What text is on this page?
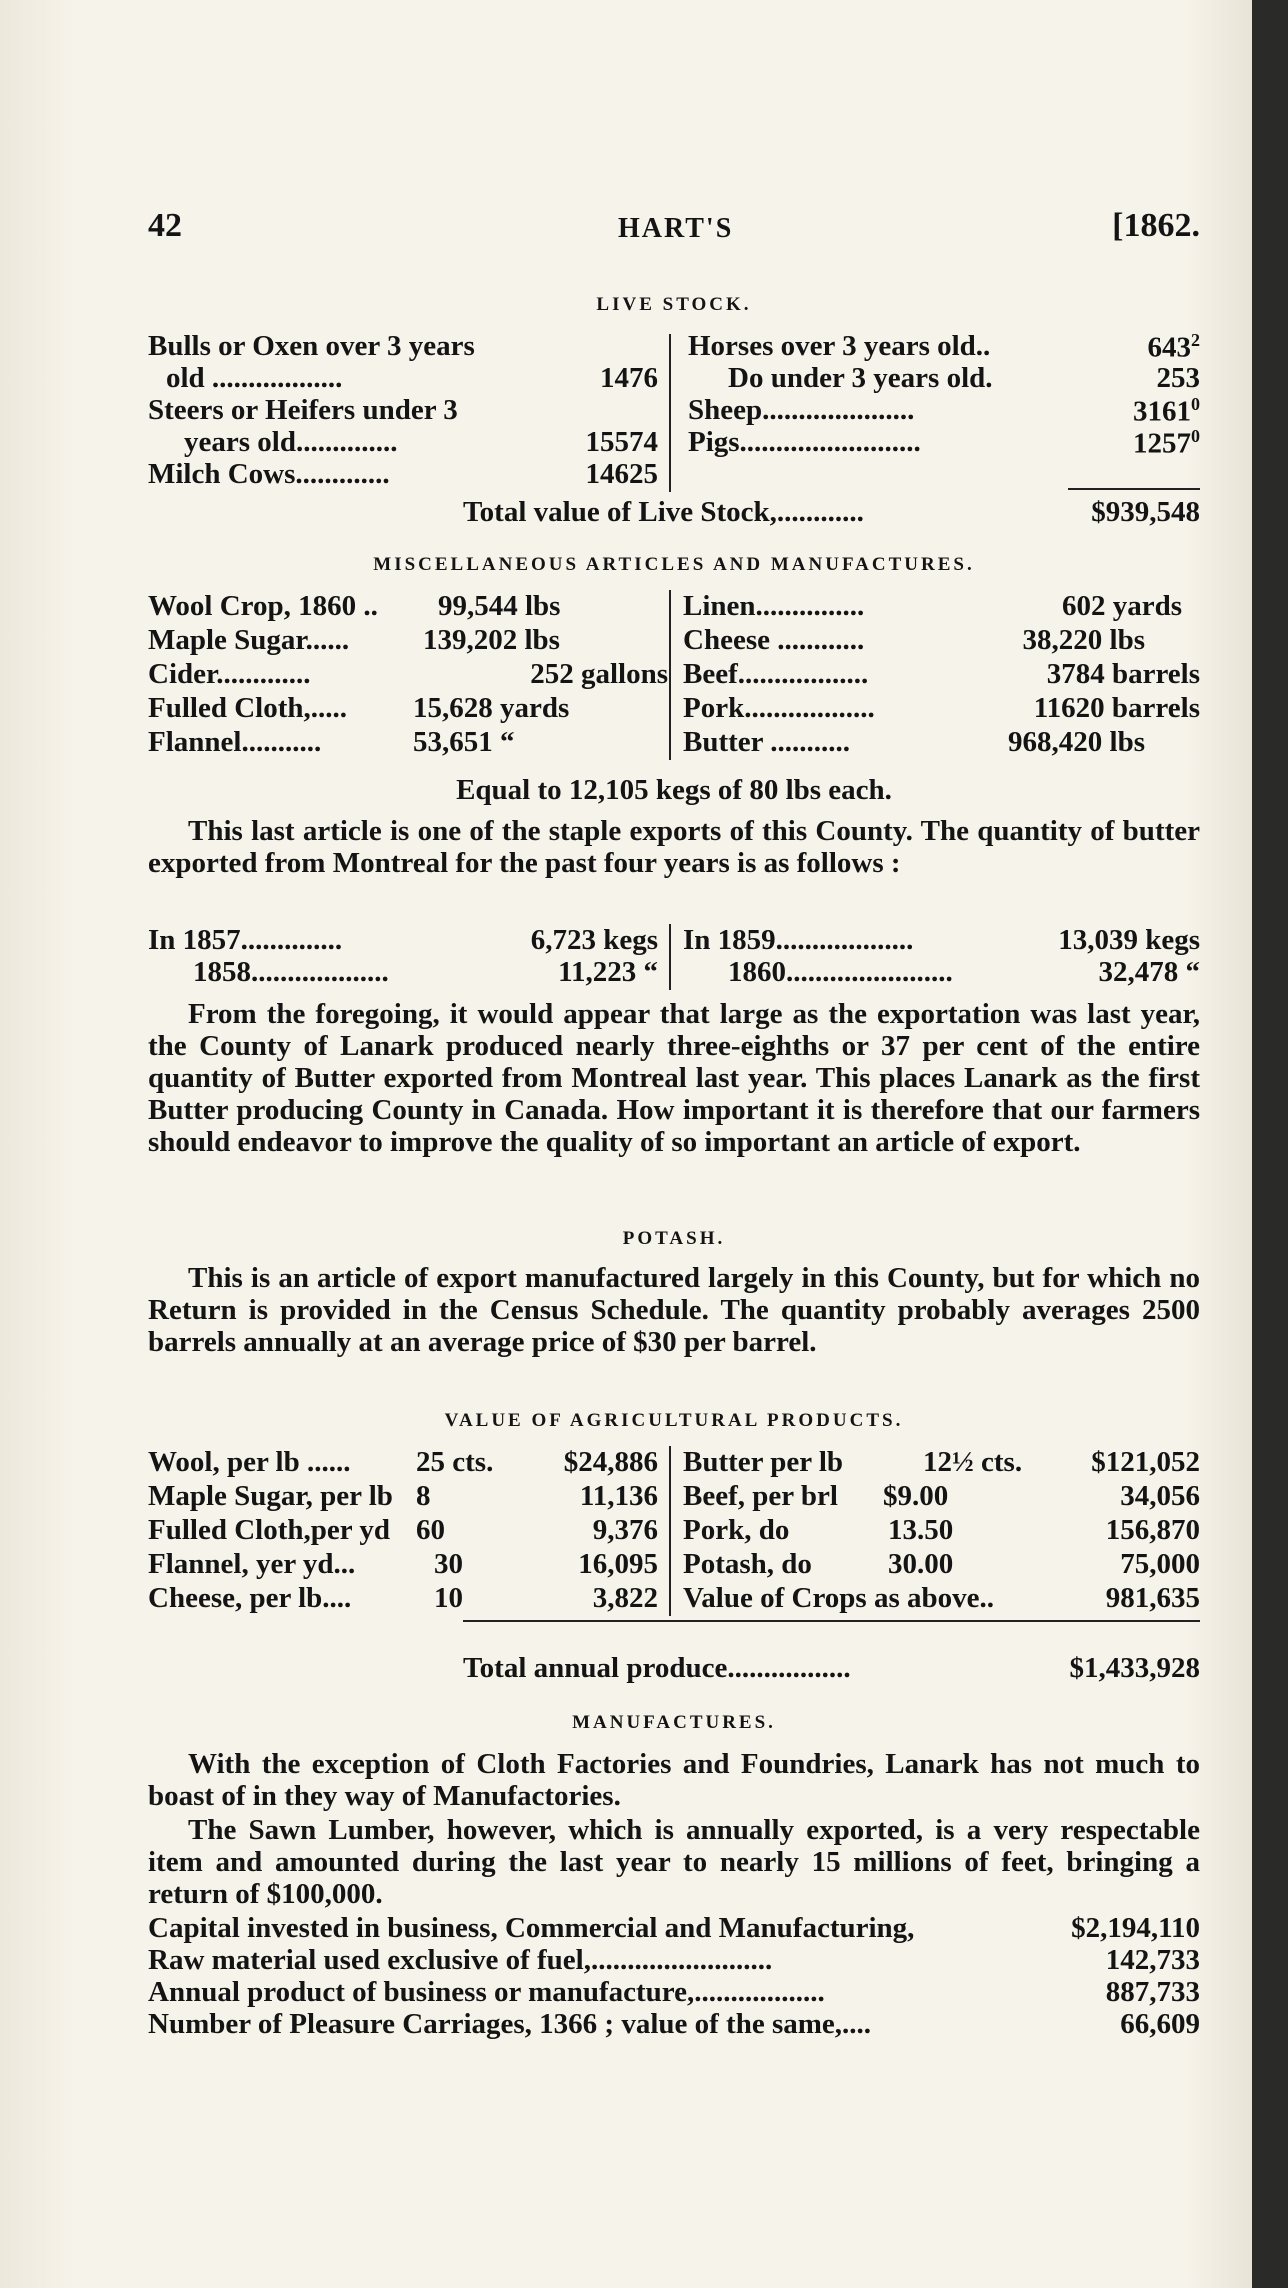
42	HART'S	[1862.
LIVE STOCK.
Bulls or Oxen over 3 years	Horses over 3 years old..	$643^2$
old ..................	1476 Do under 3 years old.	253
Steers or Heifers under 3	Sheep.....................	3161$^0$
years old..............	15574 Pigs.........................	1257$^0$
Milch Cows.............	14625
Total value of Live Stock,............	$939,548
MISCELLANEOUS ARTICLES AND MANUFACTURES.
Wool Crop, 1860 .. 99,544 lbs	Linen...............	602 yards
Maple Sugar......	139,202 lbs	Cheese ............	38,220 lbs
Cider.............	252 gallons Beef..................	3784 barrels
Fulled Cloth,..... 15,628 yards	Pork..................	11620 barrels
Flannel...........	53,651 “	Butter ...........	968,420 lbs
Equal to 12,105 kegs of 80 lbs each.

This last article is one of the staple exports of this County. The quantity of butter exported from Montreal for the past four years is as follows :

In 1857..............	6,723 kegs In 1859...................	13,039 kegs
1858...................	11,223 “ 1860.......................	32,478 “

From the foregoing, it would appear that large as the exportation was last year, the County of Lanark produced nearly three-eighths or 37 per cent of the entire quantity of Butter exported from Montreal last year. This places Lanark as the first Butter producing County in Canada. How important it is therefore that our farmers should endeavor to improve the quality of so important an article of export.

POTASH.

This is an article of export manufactured largely in this County, but for which no Return is provided in the Census Schedule. The quantity probably averages 2500 barrels annually at an average price of $30 per barrel.

VALUE OF AGRICULTURAL PRODUCTS.
Wool, per lb ...... 25 cts.	$24,886 Butter per lb	12½ cts.	$121,052
Maple Sugar, per lb 8	11,136 Beef, per brl $9.00	34,056
Fulled Cloth,per yd 60	9,376 Pork, do	13.50	156,870
Flannel, yer yd...	30	16,095 Potash, do	30.00	75,000
Cheese, per lb....	10	3,822 Value of Crops as above..	981,635
Total annual produce.................	$1,433,928
MANUFACTURES.

With the exception of Cloth Factories and Foundries, Lanark has not much to boast of in they way of Manufactories.

The Sawn Lumber, however, which is annually exported, is a very respectable item and amounted during the last year to nearly 15 millions of feet, bringing a return of $100,000.

Capital invested in business, Commercial and Manufacturing,	$2,194,110
Raw material used exclusive of fuel,.........................	142,733
Annual product of business or manufacture,..................	887,733
Number of Pleasure Carriages, 1366 ; value of the same,....	66,609
